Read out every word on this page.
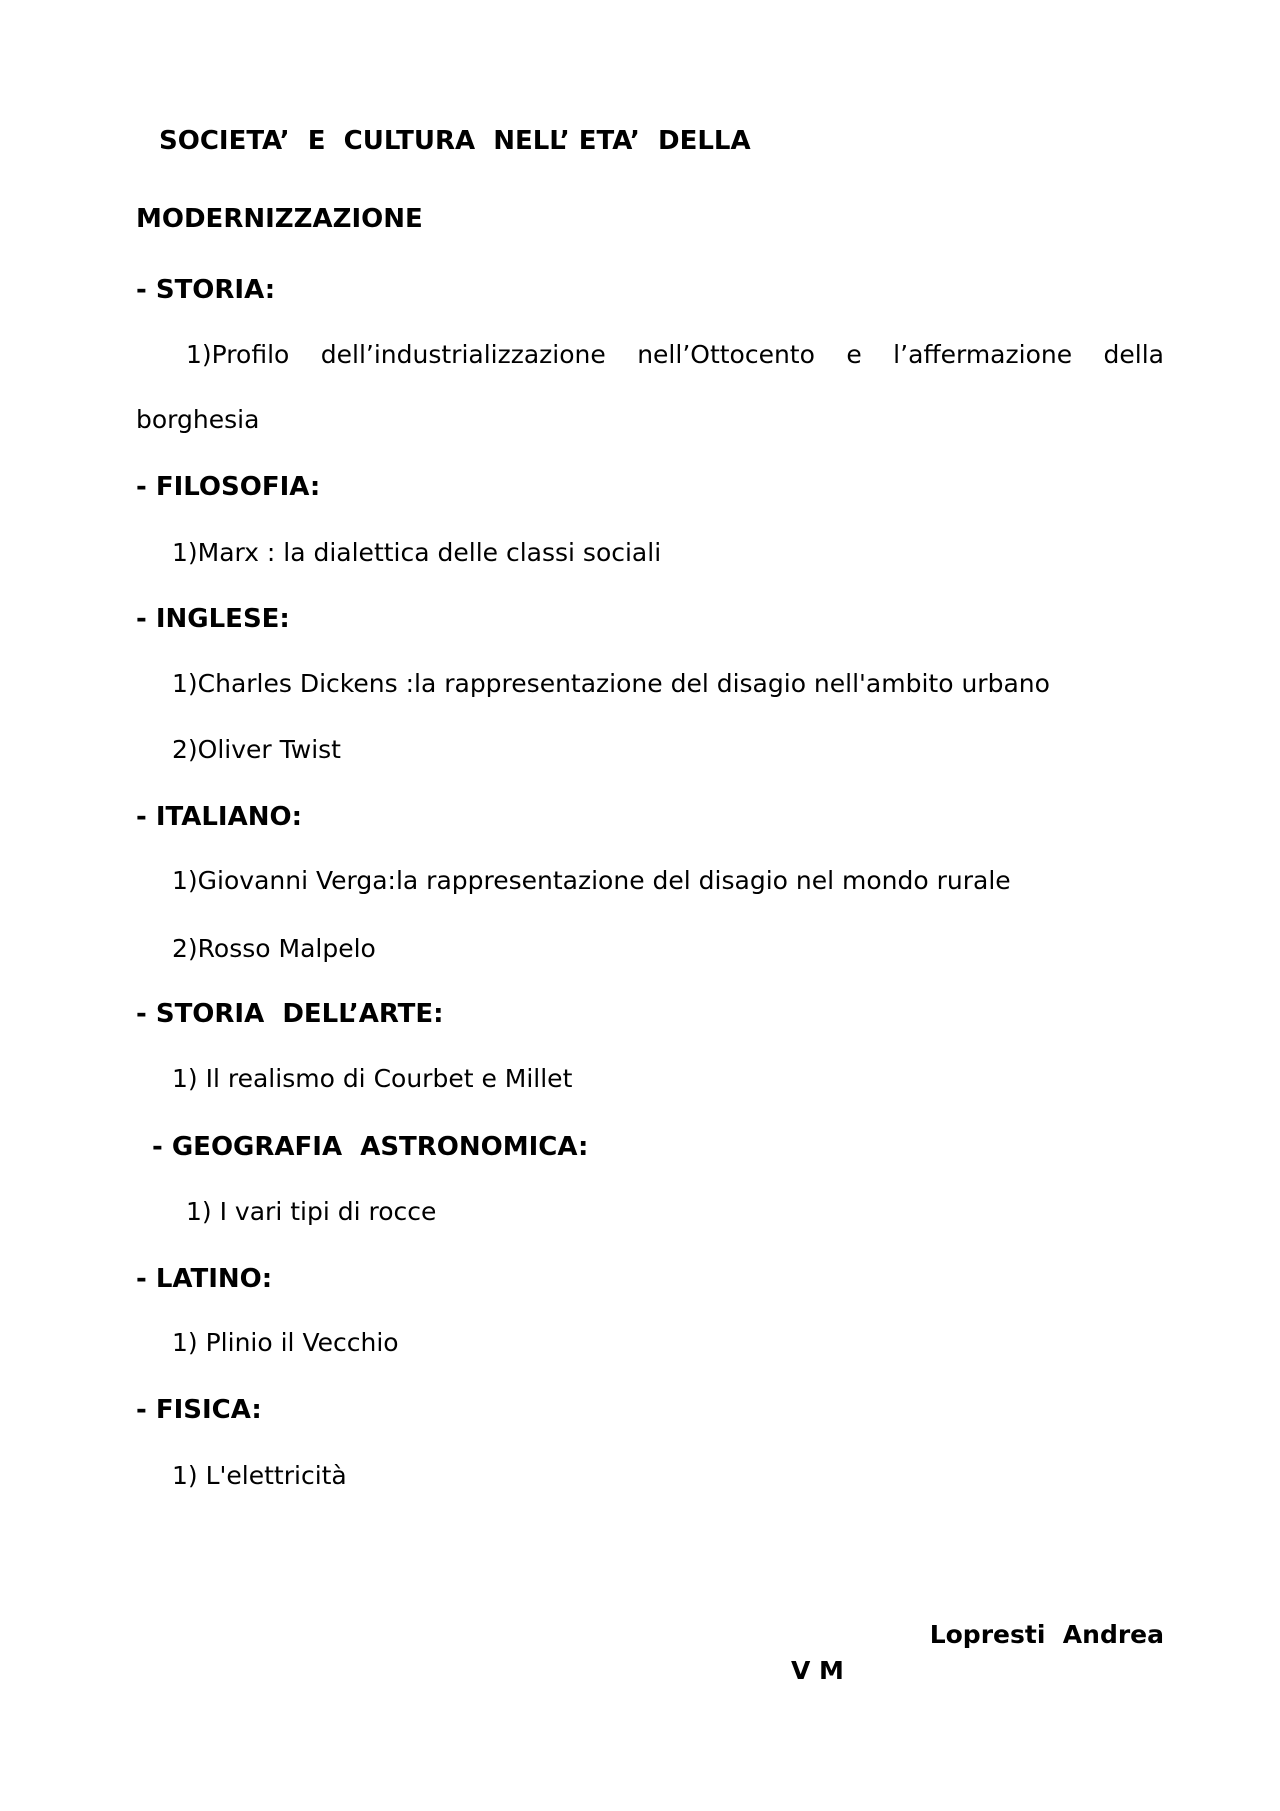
SOCIETA’  E  CULTURA  NELL’ ETA’  DELLA
MODERNIZZAZIONE
- STORIA:
1)Profilo dell’industrializzazione nell’Ottocento e l’affermazione della
borghesia
- FILOSOFIA:
1)Marx : la dialettica delle classi sociali
- INGLESE:
1)Charles Dickens :la rappresentazione del disagio nell'ambito urbano
2)Oliver Twist
- ITALIANO:
1)Giovanni Verga:la rappresentazione del disagio nel mondo rurale
2)Rosso Malpelo
- STORIA  DELL’ARTE:
1) Il realismo di Courbet e Millet
- GEOGRAFIA  ASTRONOMICA:
1) I vari tipi di rocce
- LATINO:
1) Plinio il Vecchio
- FISICA:
1) L'elettricità
Lopresti  Andrea
V M
